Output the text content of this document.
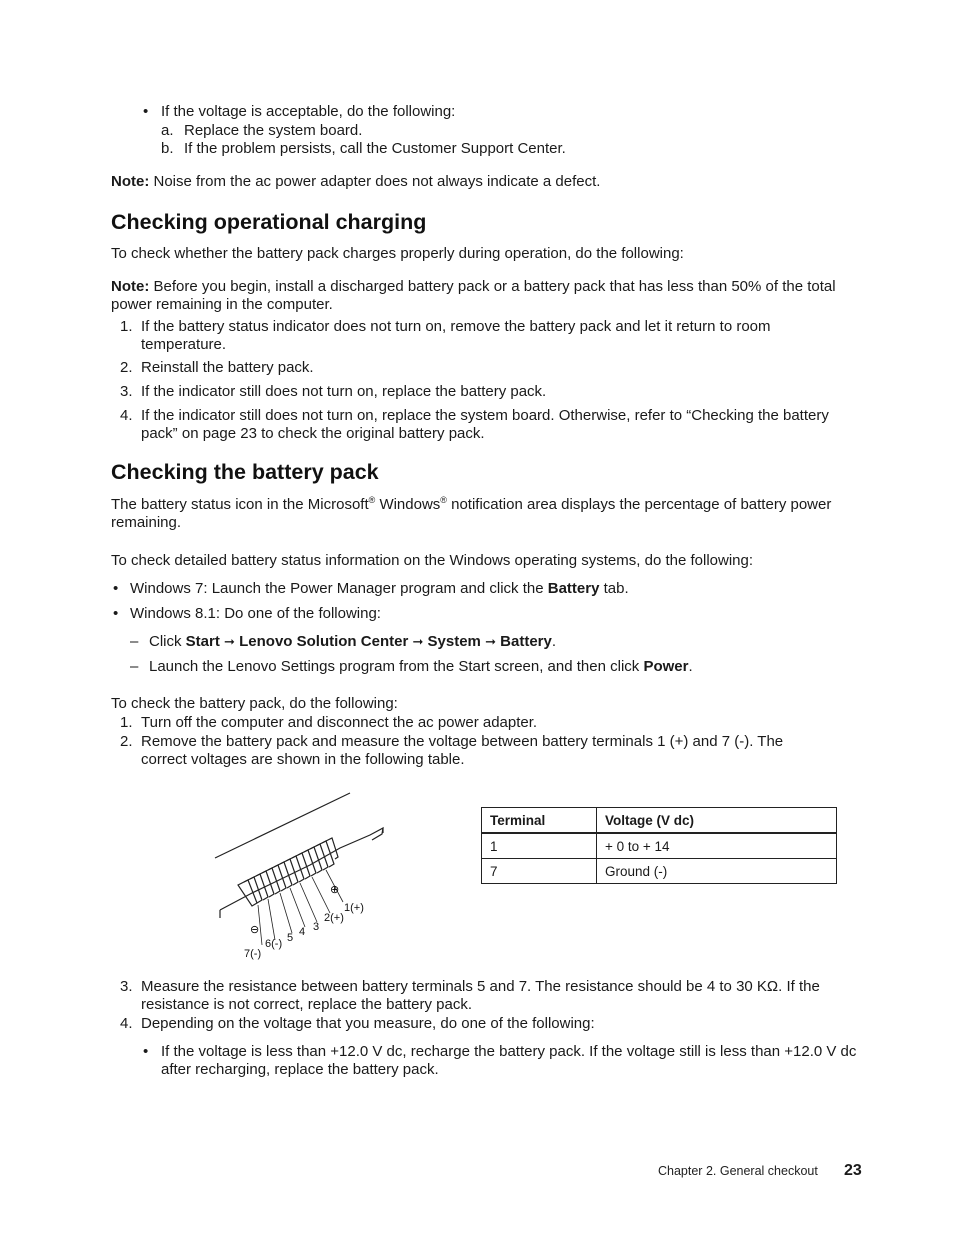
• If the voltage is acceptable, do the following:

a. Replace the system board.

b. If the problem persists, call the Customer Support Center.

Note: Noise from the ac power adapter does not always indicate a defect.

Checking operational charging

To check whether the battery pack charges properly during operation, do the following:

Note: Before you begin, install a discharged battery pack or a battery pack that has less than 50% of the total power remaining in the computer.

1. If the battery status indicator does not turn on, remove the battery pack and let it return to room temperature.

2. Reinstall the battery pack.

3. If the indicator still does not turn on, replace the battery pack.

4. If the indicator still does not turn on, replace the system board. Otherwise, refer to “Checking the battery pack” on page 23 to check the original battery pack.

Checking the battery pack

The battery status icon in the Microsoft® Windows® notification area displays the percentage of battery power remaining.

To check detailed battery status information on the Windows operating systems, do the following:

• Windows 7: Launch the Power Manager program and click the Battery tab.

• Windows 8.1: Do one of the following:

– Click Start ➞ Lenovo Solution Center ➞ System ➞ Battery.

– Launch the Lenovo Settings program from the Start screen, and then click Power.

To check the battery pack, do the following:

1. Turn off the computer and disconnect the ac power adapter.

2. Remove the battery pack and measure the voltage between battery terminals 1 (+) and 7 (-). The correct voltages are shown in the following table.

⊖
⊕
1(+)
2(+)
3
4
5
6(-)
7(-)
Terminal	Voltage (V dc)
1	+ 0 to + 14
7	Ground (-)
3. Measure the resistance between battery terminals 5 and 7. The resistance should be 4 to 30 KΩ. If the resistance is not correct, replace the battery pack.

4. Depending on the voltage that you measure, do one of the following:

• If the voltage is less than +12.0 V dc, recharge the battery pack. If the voltage still is less than +12.0 V dc after recharging, replace the battery pack.

Chapter 2. General checkout 23
